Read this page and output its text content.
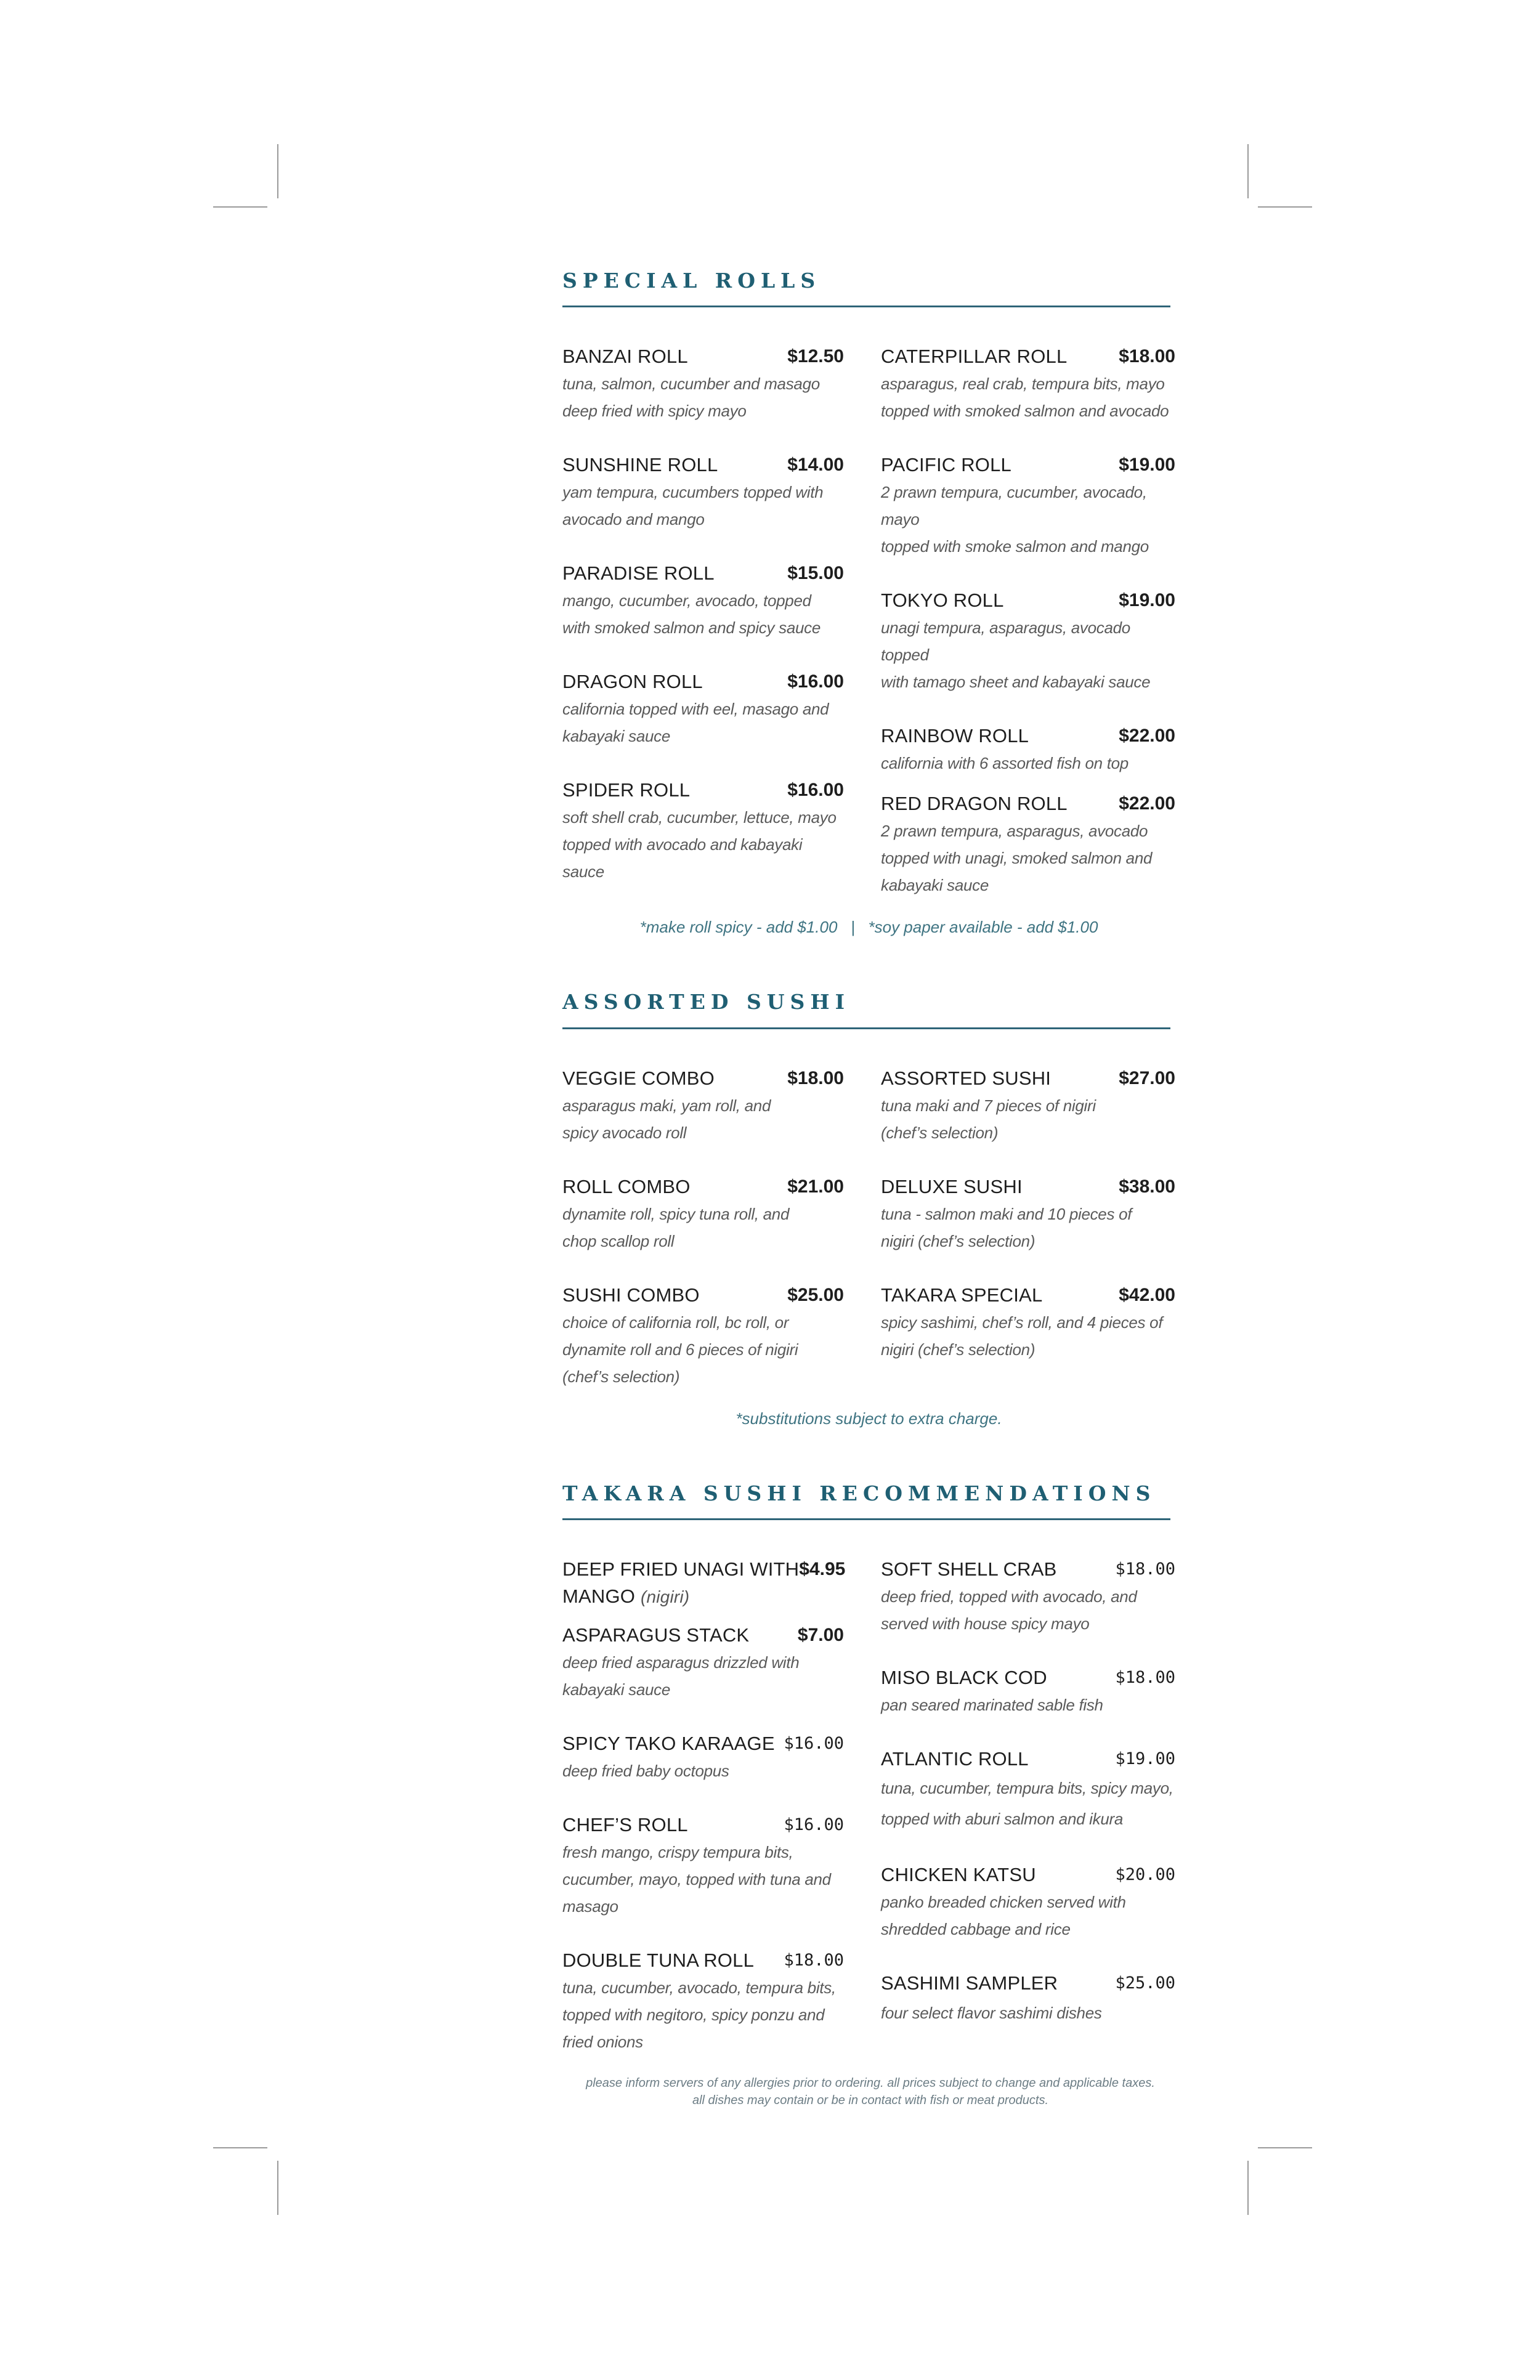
SPECIAL ROLLS
BANZAI ROLL	$12.50

tuna, salmon, cucumber and masago
deep fried with spicy mayo

SUNSHINE ROLL	$14.00

yam tempura, cucumbers topped with
avocado and mango

PARADISE ROLL	$15.00

mango, cucumber, avocado, topped
with smoked salmon and spicy sauce

DRAGON ROLL	$16.00

california topped with eel, masago and
kabayaki sauce

SPIDER ROLL	$16.00

soft shell crab, cucumber, lettuce, mayo
topped with avocado and kabayaki sauce

CATERPILLAR ROLL	$18.00

asparagus, real crab, tempura bits, mayo
topped with smoked salmon and avocado

PACIFIC ROLL	$19.00

2 prawn tempura, cucumber, avocado, mayo
topped with smoke salmon and mango

TOKYO ROLL	$19.00

unagi tempura, asparagus, avocado topped
with tamago sheet and kabayaki sauce

RAINBOW ROLL	$22.00

california with 6 assorted fish on top

RED DRAGON ROLL	$22.00

2 prawn tempura, asparagus, avocado
topped with unagi, smoked salmon and
kabayaki sauce

*make roll spicy - add $1.00   |   *soy paper available - add $1.00

ASSORTED SUSHI
VEGGIE COMBO	$18.00

asparagus maki, yam roll, and
spicy avocado roll

ROLL COMBO	$21.00

dynamite roll, spicy tuna roll, and
chop scallop roll

SUSHI COMBO	$25.00

choice of california roll, bc roll, or
dynamite roll and 6 pieces of nigiri
(chef’s selection)

ASSORTED SUSHI	$27.00

tuna maki and 7 pieces of nigiri
(chef’s selection)

DELUXE SUSHI	$38.00

tuna - salmon maki and 10 pieces of
nigiri (chef’s selection)

TAKARA SPECIAL	$42.00

spicy sashimi, chef’s roll, and 4 pieces of
nigiri (chef’s selection)

*substitutions subject to extra charge.

TAKARA SUSHI RECOMMENDATIONS
DEEP FRIED UNAGI WITH
MANGO (nigiri)
$4.95
ASPARAGUS STACK	$7.00

deep fried asparagus drizzled with
kabayaki sauce

SPICY TAKO KARAAGE $16.00

deep fried baby octopus

CHEF’S ROLL	$16.00

fresh mango, crispy tempura bits,
cucumber, mayo, topped with tuna and
masago

DOUBLE TUNA ROLL $18.00

tuna, cucumber, avocado, tempura bits,
topped with negitoro, spicy ponzu and
fried onions

SOFT SHELL CRAB	$18.00

deep fried, topped with avocado, and
served with house spicy mayo

MISO BLACK COD	$18.00

pan seared marinated sable fish

ATLANTIC ROLL	$19.00

tuna, cucumber, tempura bits, spicy mayo,
topped with aburi salmon and ikura

CHICKEN KATSU	$20.00

panko breaded chicken served with
shredded cabbage and rice

SASHIMI SAMPLER	$25.00

four select flavor sashimi dishes

please inform servers of any allergies prior to ordering. all prices subject to change and applicable taxes.
all dishes may contain or be in contact with fish or meat products.
